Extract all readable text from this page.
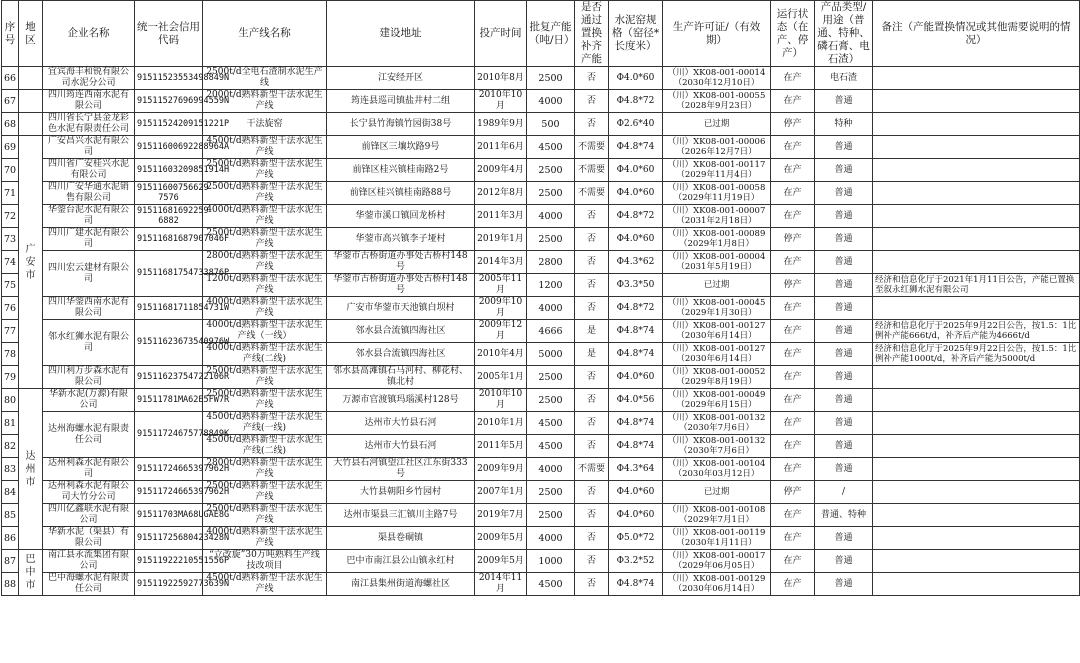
序号	地区	企业名称	统一社会信用代码	生产线名称	建设地址	投产时间	批复产能（吨/日）	是否通过置换补齐产能	水泥窑规格（窑径*长度米）	生产许可证/（有效期）	运行状态（在产、停产）	产品类型/用途（普通、特种、磷石膏、电石渣）	备注（产能置换情况或其他需要说明的情况）
66		宜宾海丰和锐有限公司水泥分公司	91511523553498849N	2500t/d全电石渣制水泥生产线	江安经开区	2010年8月	2500	否	Φ4.0*60	（川）XK08-001-00014（2030年12月10日）	在产	电石渣	
67		四川筠连西南水泥有限公司	91511527696994559N	2000t/d熟料新型干法水泥生产线	筠连县巡司镇盐井村二组	2010年10月	4000	否	Φ4.8*72	（川）XK08-001-00055（2028年9月23日）	在产	普通	
68		四川省长宁县金龙彩色水泥有限责任公司	91511524209151221P	干法旋窑	长宁县竹海镇竹园街38号	1989年9月	500	否	Φ2.6*40	已过期	停产	特种	
69	广安市	广安昌兴水泥有限公司	91511600692288964A	4500t/d熟料新型干法水泥生产线	前锋区三壤坎路9号	2011年6月	4500	不需要	Φ4.8*74	（川）XK08-001-00006（2026年12月7日）	在产	普通	
70		四川省广安桂兴水泥有限公司	91511603209851914H	2500t/d熟料新型干法水泥生产线	前锋区桂兴镇桂南路2号	2009年4月	2500	不需要	Φ4.0*60	（川）XK08-001-00117（2029年11月4日）	在产	普通	
71		四川广安华通水泥销售有限公司	91511600756629​7576	2500t/d熟料新型干法水泥生产线	前锋区桂兴镇桂南路88号	2012年8月	2500	不需要	Φ4.0*60	（川）XK08-001-00058（2029年11月19日）	在产	普通	
72		华蓥台泥水泥有限公司	91511681692259​6882	4000t/d熟料新型干法水泥生产线	华蓥市溪口镇回龙桥村	2011年3月	4000	否	Φ4.8*72	（川）XK08-001-00007（2031年2月18日）	在产	普通	
73		四川广建水泥有限公司	91511681687907046F	2500t/d熟料新型干法水泥生产线	华蓥市高兴镇李子垭村	2019年1月	2500	否	Φ4.0*60	（川）XK08-001-00089（2029年1月8日）	停产	普通	
74		四川宏云建材有限公司	91511681754733876P	2800t/d熟料新型干法水泥生产线	华蓥市古桥街道办事处古桥村148号	2014年3月	2800	否	Φ4.3*62	（川）XK08-001-00004（2031年5月19日）	在产	普通	
75				1200t/d熟料新型干法水泥生产线	华蓥市古桥街道办事处古桥村148号	2005年11月	1200	否	Φ3.3*50	已过期	停产	普通	经济和信息化厅于2021年1月11日公告，产能已置换至叙永红狮水泥有限公司
76		四川华蓥西南水泥有限公司	91511681711854731W	4000t/d熟料新型干法水泥生产线	广安市华蓥市天池镇白坝村	2009年10月	4000	否	Φ4.8*72	（川）XK08-001-00045（2029年1月30日）	在产	普通	
77		邻水红狮水泥有限公司	91511623673540976W	4000t/d熟料新型干法水泥生产线（一线）	邻水县合流镇四海社区	2009年12月	4666	是	Φ4.8*74	（川）XK08-001-00127（2030年6月14日）	在产	普通	经济和信息化厅于2025年9月22日公告，按1.5：1比例补产能666t/d，补齐后产能为4666t/d
78				4000t/d熟料新型干法水泥生产线(二线)	邻水县合流镇四海社区	2010年4月	5000	是	Φ4.8*74	（川）XK08-001-00127（2030年6月14日）	在产	普通	经济和信息化厅于2025年9月22日公告，按1.5：1比例补产能1000t/d，补齐后产能为5000t/d
79		四川利万步森水泥有限公司	91511623754722106R	2500t/d熟料新型干法水泥生产线	邻水县高滩镇石马河村、柳花村、镇北村	2005年1月	2500	否	Φ4.0*60	（川）XK08-001-00052（2029年8月19日）	在产	普通	
80	达州市	华新水泥(万源)有限公司	91511781MA62E5FW7R	2500t/d熟料新型干法水泥生产线	万源市官渡镇玛瑙溪村128号	2010年10月	2500	否	Φ4.0*56	（川）XK08-001-00049（2029年6月15日）	在产	普通	
81		达州海螺水泥有限责任公司	91511724675778849K	4500t/d熟料新型干法水泥生产线(一线)	达州市大竹县石河	2010年1月	4500	否	Φ4.8*74	（川）XK08-001-00132（2030年7月6日）	在产	普通	
82				4500t/d熟料新型干法水泥生产线(二线)	达州市大竹县石河	2011年5月	4500	否	Φ4.8*74	（川）XK08-001-00132（2030年7月6日）	在产	普通	
83		达州利森水泥有限公司	91511724665397962H	2800t/d熟料新型干法水泥生产线	大竹县石河镇望江社区江东街333号	2009年9月	4000	不需要	Φ4.3*64	（川）XK08-001-00104（2030年03月12日）	在产	普通	
84		达州利森水泥有限公司大竹分公司	91511724665397962H	2500t/d熟料新型干法水泥生产线	大竹县朝阳乡竹园村	2007年1月	2500	否	Φ4.0*60	已过期	停产	/	
85		四川亿鑫联水泥有限公司	91511703MA68UGAE8G	2500t/d熟料新型干法水泥生产线	达州市渠县三汇镇川主路7号	2019年7月	2500	否	Φ4.0*60	（川）XK08-001-00108（2029年7月1日）	在产	普通、特种	
86		华新水泥（渠县）有限公司	91511725680423428N	4000t/d熟料新型干法水泥生产线	渠县卷硐镇	2009年5月	4000	否	Φ5.0*72	（川）XK08-001-00119（2030年1月11日）	在产	普通	
87	巴中市	南江县永流集团有限公司	91511922210551556P	“立改旋”30万吨熟料生产线技改项目	巴中市南江县公山镇永红村	2009年5月	1000	否	Φ3.2*52	（川）XK08-001-00017（2029年06月05日）	在产	普通	
88		巴中海螺水泥有限责任公司	91511922592773639N	4500t/d熟料新型干法水泥生产线	南江县集州街道海螺社区	2014年11月	4500	否	Φ4.8*74	（川）XK08-001-00129（2030年06月14日）	在产	普通	
